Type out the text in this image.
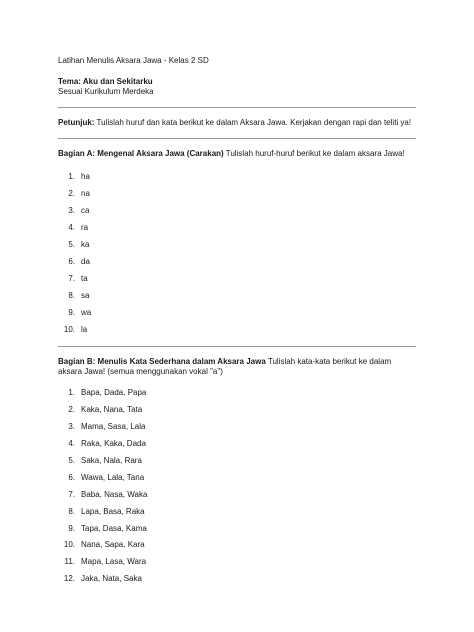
Latihan Menulis Aksara Jawa - Kelas 2 SD

Tema: Aku dan Sekitarku

Sesuai Kurikulum Merdeka

Petunjuk: Tulislah huruf dan kata berikut ke dalam Aksara Jawa. Kerjakan dengan rapi dan teliti ya!

Bagian A: Mengenal Aksara Jawa (Carakan) Tulislah huruf-huruf berikut ke dalam aksara Jawa!

1. ha
2. na
3. ca
4. ra
5. ka
6. da
7. ta
8. sa
9. wa
10. la

Bagian B: Menulis Kata Sederhana dalam Aksara Jawa Tulislah kata-kata berikut ke dalam aksara Jawa! (semua menggunakan vokal "a")

1. Bapa, Dada, Papa
2. Kaka, Nana, Tata
3. Mama, Sasa, Lala
4. Raka, Kaka, Dada
5. Saka, Nala, Rara
6. Wawa, Lala, Tana
7. Baba, Nasa, Waka
8. Lapa, Basa, Raka
9. Tapa, Dasa, Kama
10. Nana, Sapa, Kara
11. Mapa, Lasa, Wara
12. Jaka, Nata, Saka
